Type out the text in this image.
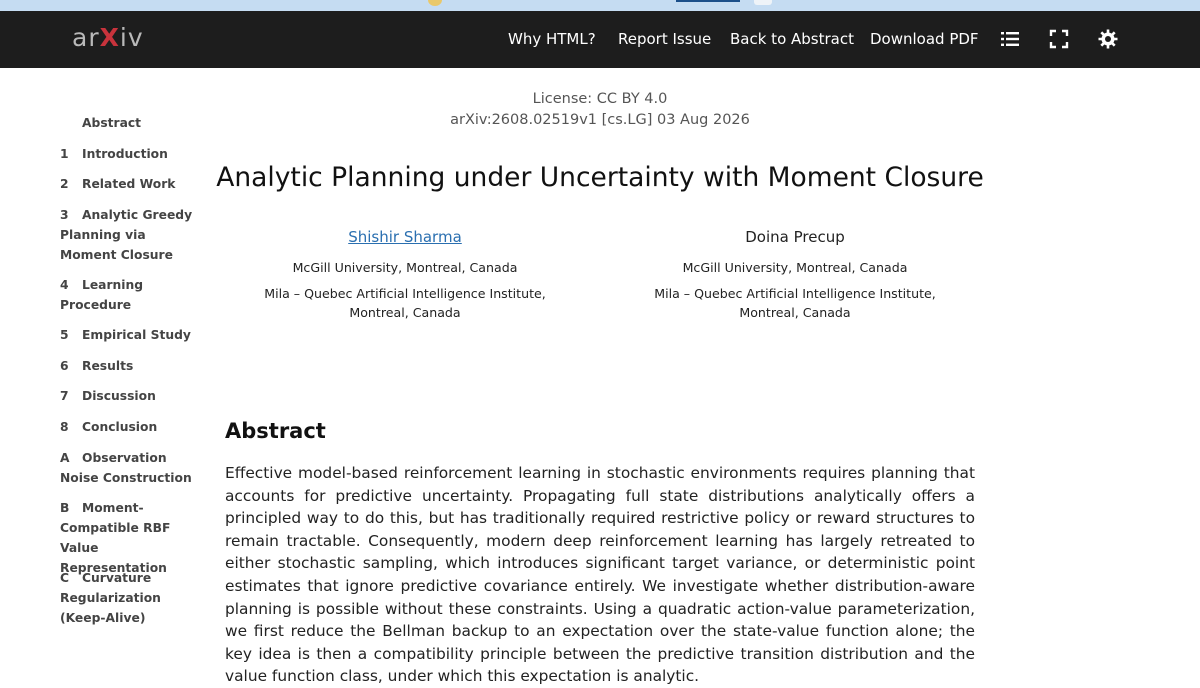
arXiv	Why HTML? Report Issue Back to Abstract Download PDF
Abstract
1 Introduction
2 Related Work
3 Analytic Greedy Planning via Moment Closure
4 Learning Procedure
5 Empirical Study
6 Results
7 Discussion
8 Conclusion
A Observation Noise Construction
B Moment-Compatible RBF Value Representation
C Curvature Regularization (Keep-Alive)
License: CC BY 4.0
arXiv:2608.02519v1 [cs.LG] 03 Aug 2026
Analytic Planning under Uncertainty with Moment Closure
Shishir Sharma
McGill University, Montreal, Canada
Mila – Quebec Artificial Intelligence Institute, Montreal, Canada
Doina Precup
McGill University, Montreal, Canada
Mila – Quebec Artificial Intelligence Institute, Montreal, Canada
Abstract
Effective model-based reinforcement learning in stochastic environments requires planning that accounts for predictive uncertainty. Propagating full state distributions analytically offers a principled way to do this, but has traditionally required restrictive policy or reward structures to remain tractable. Consequently, modern deep reinforcement learning has largely retreated to either stochastic sampling, which introduces significant target variance, or deterministic point estimates that ignore predictive covariance entirely. We investigate whether distribution-aware planning is possible without these constraints. Using a quadratic action-value parameterization, we first reduce the Bellman backup to an expectation over the state-value function alone; the key idea is then a compatibility principle between the predictive transition distribution and the value function class, under which this expectation is analytic.
